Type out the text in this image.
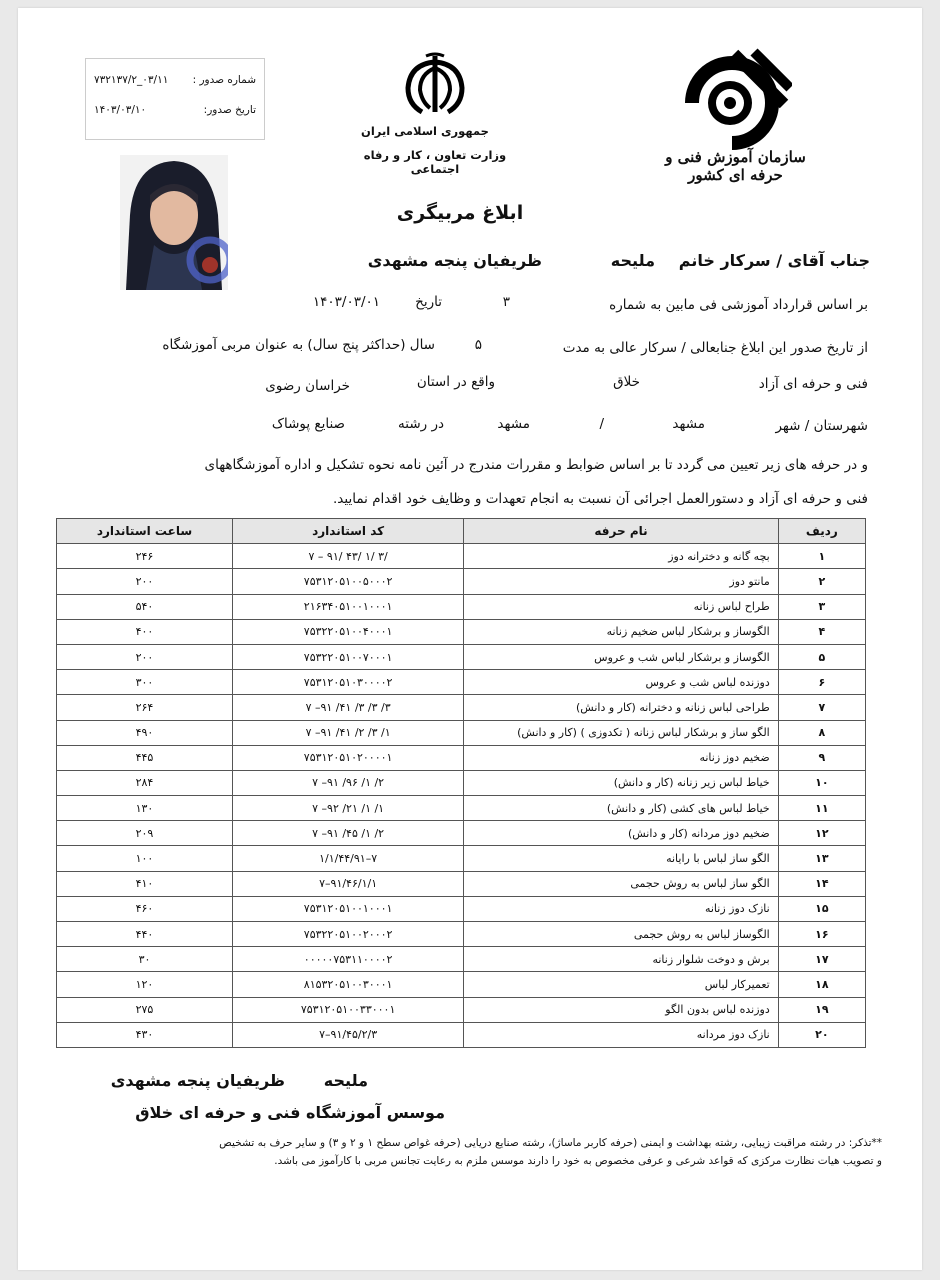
شماره صدور :
۰۳/۱۱_۷۳۲۱۳۷/۲
تاریخ صدور:
۱۴۰۳/۰۳/۱۰
جمهوری اسلامی ایران
وزارت تعاون ، کار و رفاه اجتماعی
سازمان آموزش فنی و حرفه ای کشور
ابلاغ مربیگری
جناب آقای / سرکار خانم
ملیحه
ظریفیان پنجه مشهدی
بر اساس قرارداد آموزشی فی مابین به شماره
۳
تاریخ
۱۴۰۳/۰۳/۰۱
از تاریخ صدور این ابلاغ جنابعالی / سرکار عالی به مدت
۵
سال (حداکثر پنج سال) به عنوان مربی آموزشگاه
فنی و حرفه ای آزاد
خلاق
واقع در استان
خراسان رضوی
شهرستان / شهر
مشهد
/
مشهد
در رشته
صنایع پوشاک
و در حرفه های زیر تعیین می گردد تا بر اساس ضوابط و مقررات مندرج در آئین نامه نحوه تشکیل و اداره آموزشگاههای
فنی و حرفه ای آزاد و دستورالعمل اجرائی آن نسبت به انجام تعهدات و وظایف خود اقدام نمایید.
ردیف	نام حرفه	کد استاندارد	ساعت استاندارد
۱	بچه گانه و دخترانه دوز	۷ – ۹۱/ ۴۳/ ۱/ ۳/	۲۴۶
۲	مانتو دوز	۷۵۳۱۲۰۵۱۰۰۵۰۰۰۲	۲۰۰
۳	طراح لباس زنانه	۲۱۶۳۴۰۵۱۰۰۱۰۰۰۱	۵۴۰
۴	الگوساز و برشکار لباس ضخیم زنانه	۷۵۳۲۲۰۵۱۰۰۴۰۰۰۱	۴۰۰
۵	الگوساز و برشکار لباس شب و عروس	۷۵۳۲۲۰۵۱۰۰۷۰۰۰۱	۲۰۰
۶	دوزنده لباس شب و عروس	۷۵۳۱۲۰۵۱۰۳۰۰۰۰۲	۳۰۰
۷	طراحی لباس زنانه و دخترانه (کار و دانش)	۷ –۹۱ /۴۱ /۳ /۳ /۳	۲۶۴
۸	الگو ساز و برشکار لباس زنانه ( تکدوزی ) (کار و دانش)	۷ –۹۱ /۴۱ /۲ /۳ /۱	۴۹۰
۹	ضخیم دوز زنانه	۷۵۳۱۲۰۵۱۰۲۰۰۰۰۱	۴۴۵
۱۰	خیاط لباس زیر زنانه (کار و دانش)	۷ –۹۱ /۹۶ /۱ /۲	۲۸۴
۱۱	خیاط لباس های کشی (کار و دانش)	۷ –۹۲ /۲۱ /۱ /۱	۱۳۰
۱۲	ضخیم دوز مردانه (کار و دانش)	۷ –۹۱ /۴۵ /۱ /۲	۲۰۹
۱۳	الگو ساز لباس با رایانه	۱/۱/۴۴/۹۱–۷	۱۰۰
۱۴	الگو ساز لباس به روش حجمی	۷–۹۱/۴۶/۱/۱	۴۱۰
۱۵	نازک دوز زنانه	۷۵۳۱۲۰۵۱۰۰۱۰۰۰۱	۴۶۰
۱۶	الگوساز لباس به روش حجمی	۷۵۳۲۲۰۵۱۰۰۲۰۰۰۲	۴۴۰
۱۷	برش و دوخت شلوار زنانه	۰۰۰۰۰۷۵۳۱۱۰۰۰۰۲	۳۰
۱۸	تعمیرکار لباس	۸۱۵۳۲۰۵۱۰۰۳۰۰۰۱	۱۲۰
۱۹	دوزنده لباس بدون الگو	۷۵۳۱۲۰۵۱۰۰۳۳۰۰۰۱	۲۷۵
۲۰	نازک دوز مردانه	۷–۹۱/۴۵/۲/۳	۴۳۰
ملیحه
ظریفیان پنجه مشهدی
موسس آموزشگاه فنی و حرفه ای خلاق
**تذکر: در رشته مراقبت زیبایی، رشته بهداشت و ایمنی (حرفه کاربر ماساژ)، رشته صنایع دریایی (حرفه غواص سطح ۱ و ۲ و ۳) و سایر حرف به تشخیص
و تصویب هیات نظارت مرکزی که قواعد شرعی و عرفی مخصوص به خود را دارند موسس ملزم به رعایت تجانس مربی با کارآموز می باشد.
